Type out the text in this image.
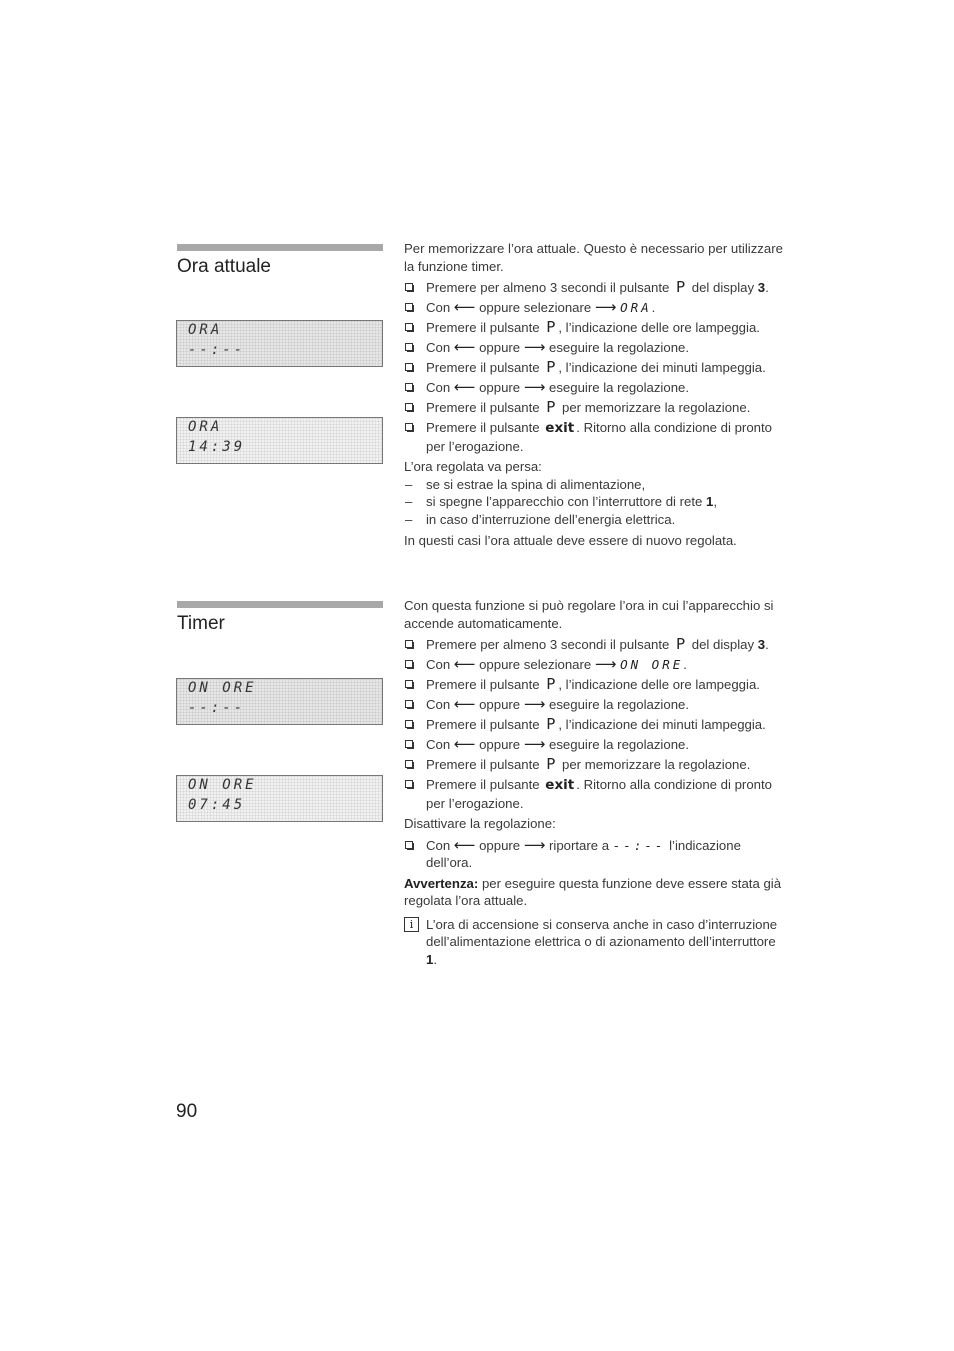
Ora attuale
ORA
--:--
ORA
14:39

Per memorizzare l’ora attuale. Questo è necessario per utilizzare la funzione timer.

Premere per almeno 3 secondi il pulsante P del display 3.
Con ⟵ oppure selezionare ⟶ ORA.
Premere il pulsante P , l’indicazione delle ore lampeggia.
Con ⟵ oppure ⟶ eseguire la regolazione.
Premere il pulsante P , l’indicazione dei minuti lampeggia.
Con ⟵ oppure ⟶ eseguire la regolazione.
Premere il pulsante P per memorizzare la regolazione.
Premere il pulsante exit . Ritorno alla condizione di pronto per l’erogazione.

L’ora regolata va persa:

– se si estrae la spina di alimentazione,
– si spegne l’apparecchio con l’interruttore di rete 1,
– in caso d’interruzione dell’energia elettrica.

In questi casi l’ora attuale deve essere di nuovo regolata.

Timer
ON ORE
--:--
ON ORE
07:45

Con questa funzione si può regolare l’ora in cui l’apparecchio si accende automaticamente.

Premere per almeno 3 secondi il pulsante P del display 3.
Con ⟵ oppure selezionare ⟶ ON ORE.
Premere il pulsante P , l’indicazione delle ore lampeggia.
Con ⟵ oppure ⟶ eseguire la regolazione.
Premere il pulsante P , l’indicazione dei minuti lampeggia.
Con ⟵ oppure ⟶ eseguire la regolazione.
Premere il pulsante P per memorizzare la regolazione.
Premere il pulsante exit . Ritorno alla condizione di pronto per l’erogazione.

Disattivare la regolazione:

Con ⟵ oppure ⟶ riportare a --:-- l’indicazione dell’ora.

Avvertenza: per eseguire questa funzione deve essere stata già regolata l’ora attuale.

i L’ora di accensione si conserva anche in caso d’interruzione dell’alimentazione elettrica o di azionamento dell’interruttore 1.
90
